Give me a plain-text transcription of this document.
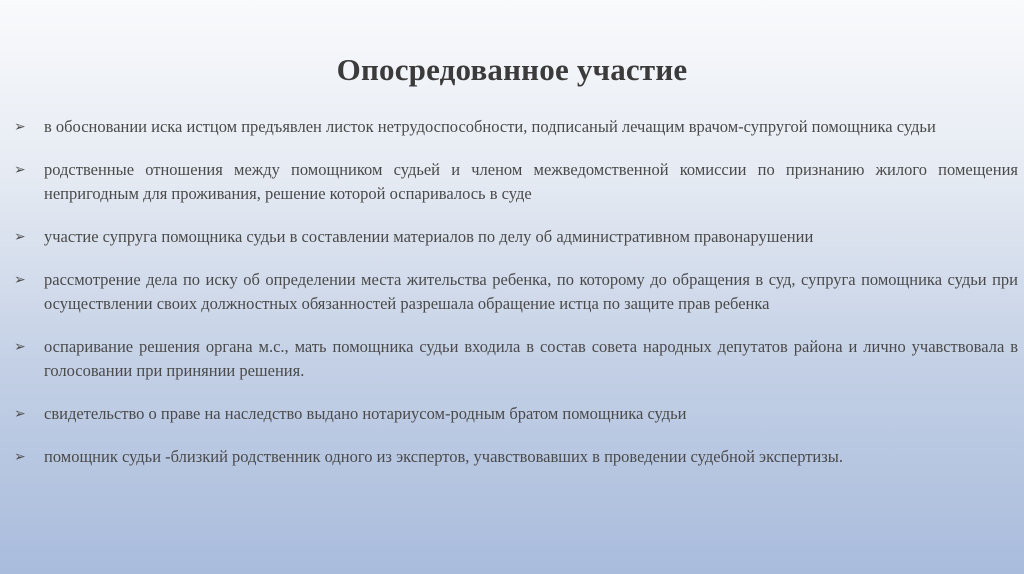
Опосредованное участие
➢ в обосновании иска истцом предъявлен листок нетрудоспособности, подписаный лечащим врачом-супругой помощника судьи
➢ родственные отношения между помощником судьей и членом межведомственной комиссии по признанию жилого помещения непригодным для проживания, решение которой оспаривалось в суде
➢ участие супруга помощника судьи в составлении материалов по делу об административном правонарушении
➢ рассмотрение дела по иску об определении места жительства ребенка, по которому до обращения в суд, супруга помощника судьи при осуществлении своих должностных обязанностей разрешала обращение истца по защите прав ребенка
➢ оспаривание решения органа м.с., мать помощника судьи входила в состав совета народных депутатов района и лично учавствовала в голосовании при принянии решения.
➢ свидетельство о праве на наследство выдано нотариусом-родным братом помощника судьи
➢ помощник судьи -близкий родственник одного из экспертов, учавствовавших в проведении судебной экспертизы.
